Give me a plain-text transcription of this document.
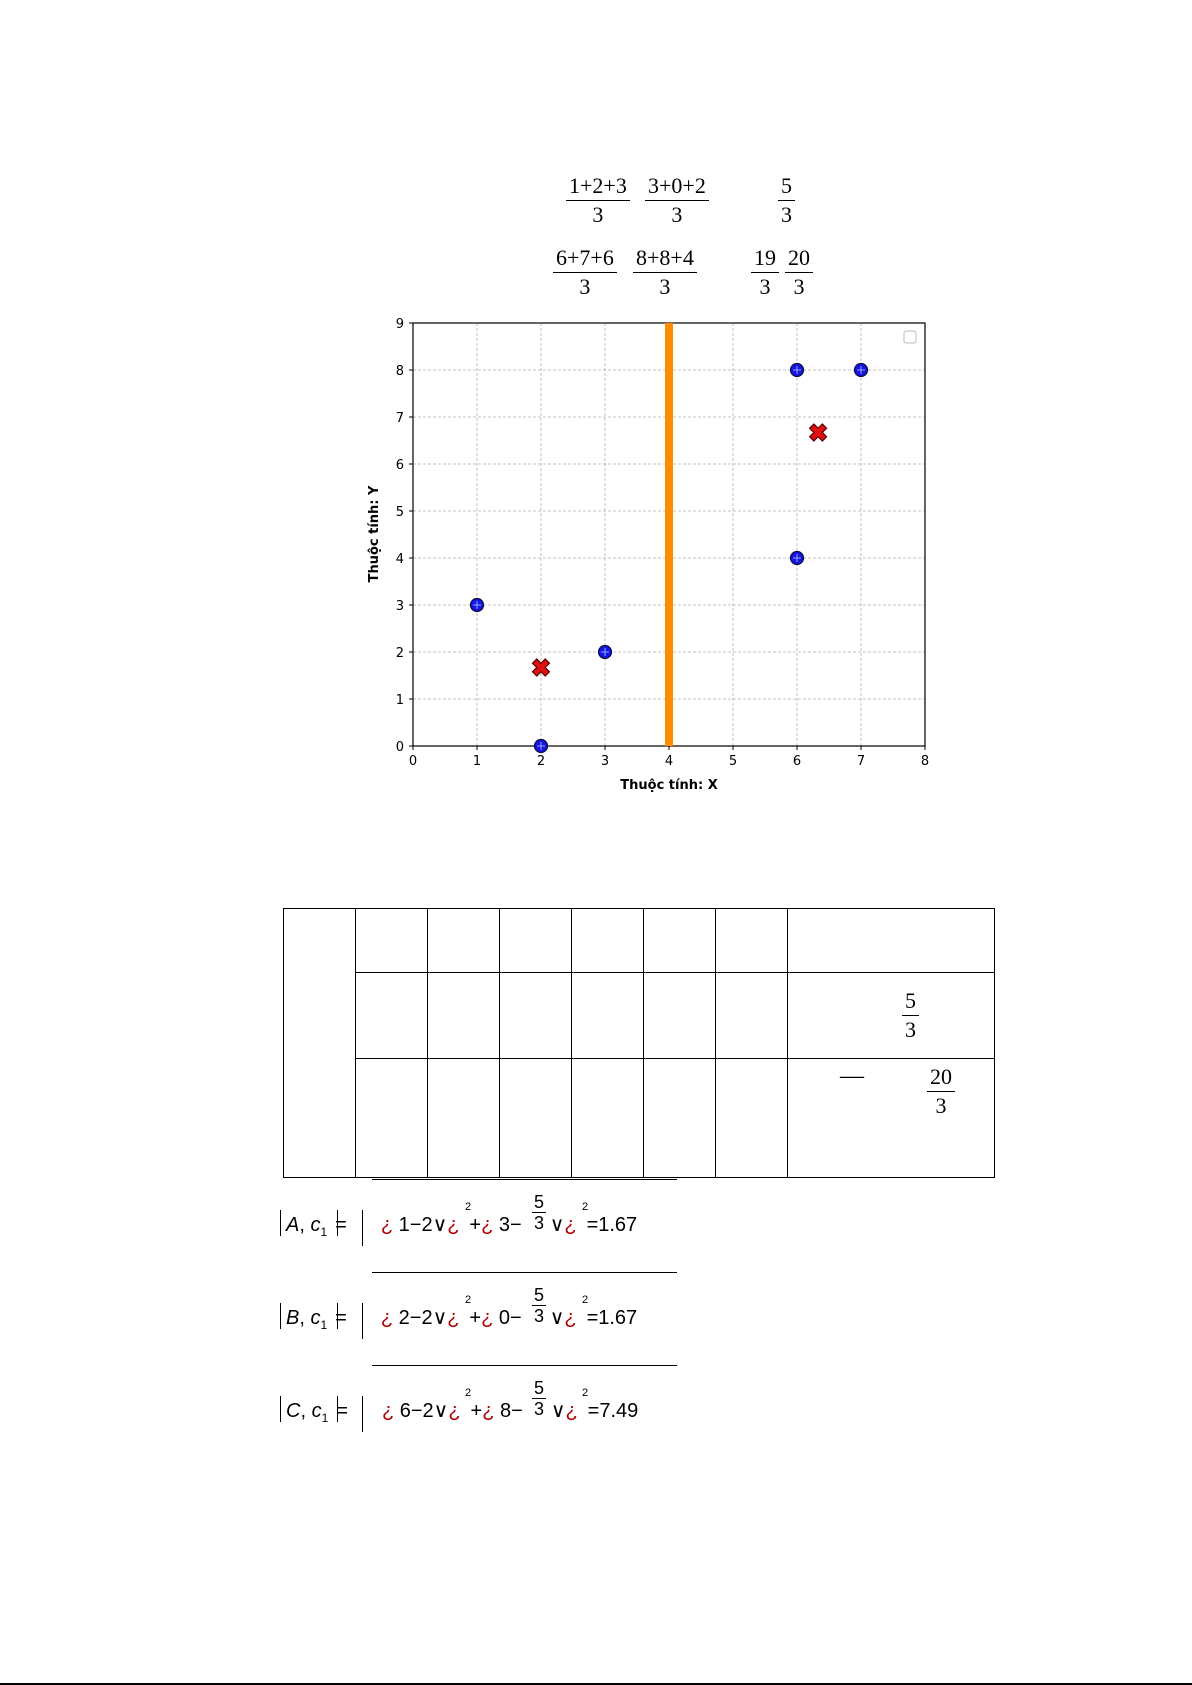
$\frac{1+2+3}{3} \frac{3+0+2}{3}$	$\frac{5}{3}$
$\frac{6+7+6}{3} \frac{8+8+4}{3} \frac{19}{3} \frac{20}{3}$
0	1	2	3	4	5	6	7	8
0
1
2
3
4
5
6
7
8
9
Thuộc tính: X
Thuộc tính: Y

							$\frac{5}{3}$

							— $\frac{20}{3}$
A, $c_1$ = ¿ 1−2∨¿ +¿ 3− ∨¿ =1.67
2	2
$\frac{5}{3}$
B, $c_1$ = ¿ 2−2∨¿ +¿ 0− ∨¿ =1.67
2	2
$\frac{5}{3}$
C, $c_1$ = ¿ 6−2∨¿ +¿ 8− ∨¿ =7.49
2	2
$\frac{5}{3}$
